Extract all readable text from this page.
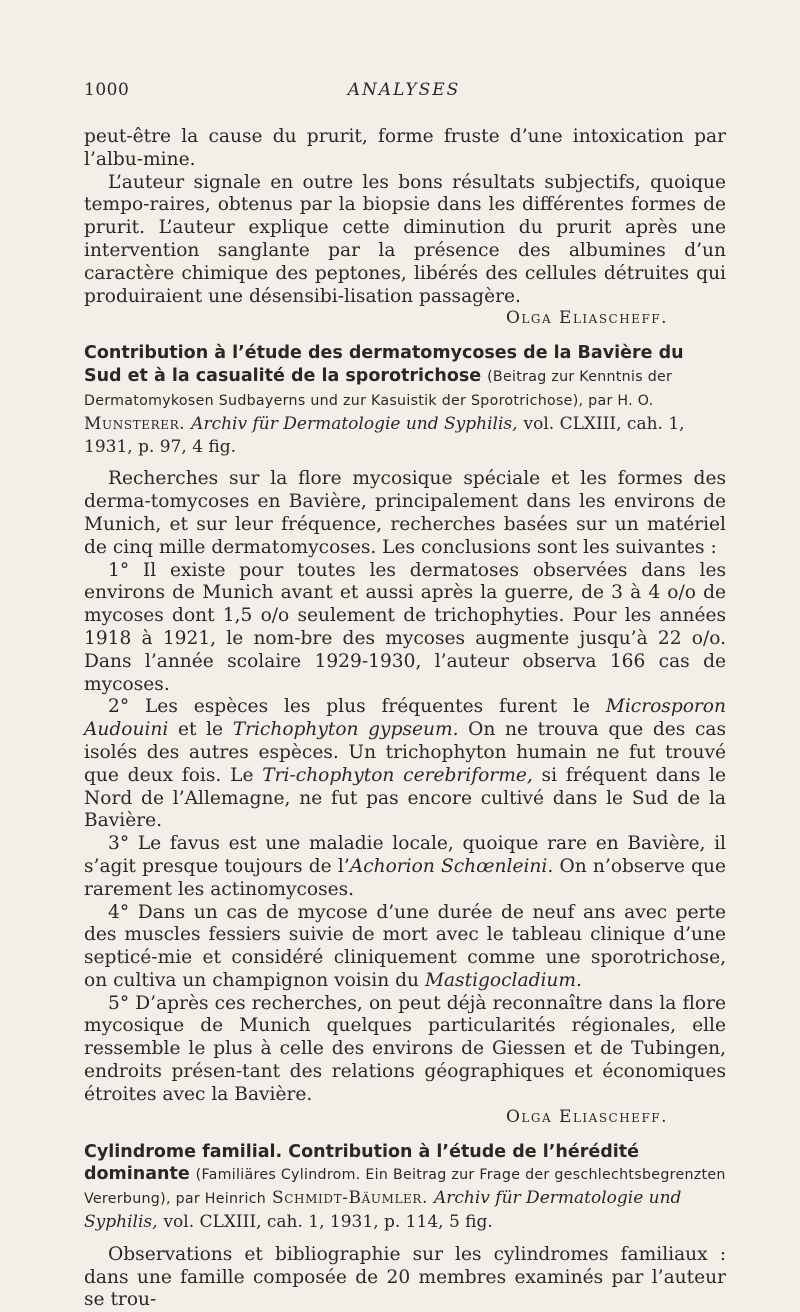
1000	ANALYSES

peut-être la cause du prurit, forme fruste d’une intoxication par l’albu-mine.

L’auteur signale en outre les bons résultats subjectifs, quoique tempo-raires, obtenus par la biopsie dans les différentes formes de prurit. L’auteur explique cette diminution du prurit après une intervention sanglante par la présence des albumines d’un caractère chimique des peptones, libérés des cellules détruites qui produiraient une désensibi-lisation passagère.

Olga Eliascheff.

Contribution à l’étude des dermatomycoses de la Bavière du Sud et à la casualité de la sporotrichose (Beitrag zur Kenntnis der Dermatomykosen Sudbayerns und zur Kasuistik der Sporotrichose), par H. O. Munsterer. Archiv für Dermatologie und Syphilis, vol. CLXIII, cah. 1, 1931, p. 97, 4 fig.

Recherches sur la flore mycosique spéciale et les formes des derma-tomycoses en Bavière, principalement dans les environs de Munich, et sur leur fréquence, recherches basées sur un matériel de cinq mille dermatomycoses. Les conclusions sont les suivantes :

1° Il existe pour toutes les dermatoses observées dans les environs de Munich avant et aussi après la guerre, de 3 à 4 o/o de mycoses dont 1,5 o/o seulement de trichophyties. Pour les années 1918 à 1921, le nom-bre des mycoses augmente jusqu’à 22 o/o. Dans l’année scolaire 1929-1930, l’auteur observa 166 cas de mycoses.

2° Les espèces les plus fréquentes furent le Microsporon Audouini et le Trichophyton gypseum. On ne trouva que des cas isolés des autres espèces. Un trichophyton humain ne fut trouvé que deux fois. Le Tri-chophyton cerebriforme, si fréquent dans le Nord de l’Allemagne, ne fut pas encore cultivé dans le Sud de la Bavière.

3° Le favus est une maladie locale, quoique rare en Bavière, il s’agit presque toujours de l’Achorion Schœnleini. On n’observe que rarement les actinomycoses.

4° Dans un cas de mycose d’une durée de neuf ans avec perte des muscles fessiers suivie de mort avec le tableau clinique d’une septicé-mie et considéré cliniquement comme une sporotrichose, on cultiva un champignon voisin du Mastigocladium.

5° D’après ces recherches, on peut déjà reconnaître dans la flore mycosique de Munich quelques particularités régionales, elle ressemble le plus à celle des environs de Giessen et de Tubingen, endroits présen-tant des relations géographiques et économiques étroites avec la Bavière.

Olga Eliascheff.

Cylindrome familial. Contribution à l’étude de l’hérédité dominante (Familiäres Cylindrom. Ein Beitrag zur Frage der geschlechtsbegrenzten Vererbung), par Heinrich Schmidt-Bäumler. Archiv für Dermatologie und Syphilis, vol. CLXIII, cah. 1, 1931, p. 114, 5 fig.

Observations et bibliographie sur les cylindromes familiaux : dans une famille composée de 20 membres examinés par l’auteur se trou-
